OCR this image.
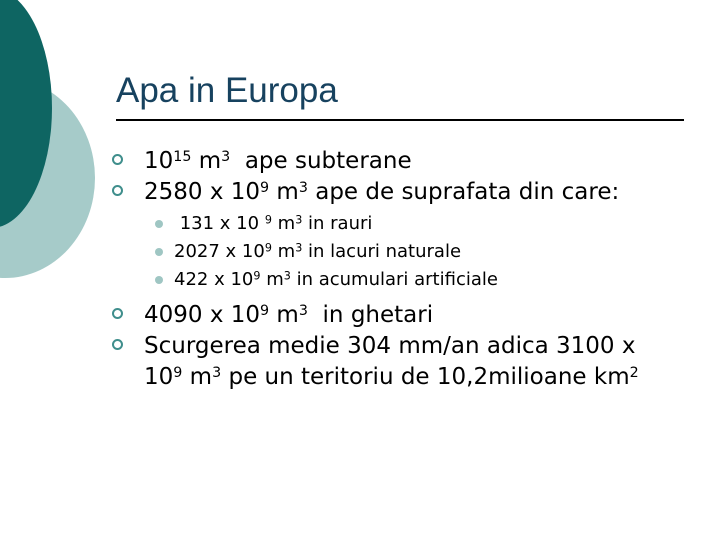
Apa in Europa
$10^{15}$ $m^3$  ape subterane
2580 x $10^9$ $m^3$ ape de suprafata din care:
131 x 10 $^9$ $m^3$ in rauri
2027 x $10^9$ $m^3$ in lacuri naturale
422 x $10^9$ $m^3$ in acumulari artificiale
4090 x $10^9$ $m^3$  in ghetari
Scurgerea medie 304 mm/an adica 3100 x $10^9$ $m^3$ pe un teritoriu de 10,2milioane $km^2$
